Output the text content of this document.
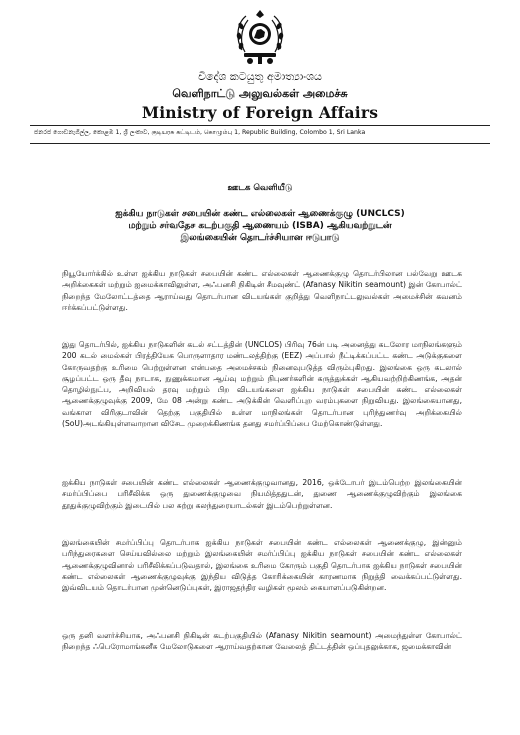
විදේශ කටයුතු අමාත්‍යාංශය
வெளிநாட்டு அலுவல்கள் அமைச்சு
Ministry of Foreign Affairs
ජනරජ ගොඩනැගිල්ල, කොළඹ 1, ශ්‍රී ලංකාව, குடியரசு கட்டிடம், கொழும்பு 1, Republic Building, Colombo 1, Sri Lanka
ஊடக வெளியீடு
ஐக்கிய நாடுகள் சபையின் கண்ட எல்லைகள் ஆணைக்குழு (UNCLCS)
மற்றும் சர்வதேச கடற்பகுதி ஆணையம் (ISBA) ஆகியவற்றுடன்
இலங்கையின் தொடர்ச்சியான ஈடுபாடு
நியூயோர்க்கில் உள்ள ஐக்கிய நாடுகள் சபையின் கண்ட எல்லைகள் ஆணைக்குழு தொடர்பிலான பல்வேறு ஊடக அறிக்கைகள் மற்றும் ஐமைக்காவிலுள்ள, அஃபனசி நிகிடின் சீமவுண்ட் (Afanasy Nikitin seamount) இன் கோபால்ட் நிறைந்த மேலோட்டத்தை ஆராய்வது தொடர்பான விடயங்கள் குறித்து வெளிநாட்டலுவல்கள் அமைச்சின் கவனம் ஈர்க்கப்பட்டுள்ளது.
இது தொடர்பில், ஐக்கிய நாடுகளின் கடல் சட்டத்தின் (UNCLOS) பிரிவு 76ன் படி அனைத்து கடலோர மாநிலங்களும் 200 கடல் மைல்கள் பிரத்தியேக பொருளாதார மண்டலத்திற்கு (EEZ) அப்பால் நீட்டிக்கப்பட்ட கண்ட அடுக்குகளை கோருவதற்கு உரிமை பெற்றுள்ளன என்பதை அமைச்சகம் நினைவுபடுத்த விரும்புகிறது. இலங்கை ஒரு கடலால் சூழப்பட்ட ஒரு தீவு நாடாக, நுணுக்கமான ஆய்வு மற்றும் நிபுணர்களின் கருத்துக்கள் ஆகியவற்றிற்கிணங்க, அதன் தொழில்நுட்ப, அறிவியல் தரவு மற்றும் பிற விடயங்களை ஐக்கிய நாடுகள் சபையின் கண்ட எல்லைகள் ஆணைக்குழுவுக்கு 2009, மே 08 அன்று கண்ட அடுக்கின் வெளிப்புற வரம்புகளை நிறுவியது. இலங்கையானது, வங்காள விரிகுடாவின் தெற்கு பகுதியில் உள்ள மாநிலங்கள் தொடர்பான புரிந்துணர்வு அறிக்கையில் (SoU)அடங்கியுள்ளவாறான விசேட முறைக்கிணங்க தனது சமர்ப்பிப்பை மேற்கொண்டுள்ளது.
ஐக்கிய நாடுகள் சபையின் கண்ட எல்லைகள் ஆணைக்குழுவானது, 2016, ஒக்டோபர் இடம்பெற்ற இலங்கையின் சமர்ப்பிப்பை பரிசீலிக்க ஒரு துணைக்குழுவை நியமித்ததுடன், துணை ஆணைக்குழுவிற்கும் இலங்கை தூதுக்குழுவிற்கும் இடையில் பல சுற்று கலந்துரையாடல்கள் இடம்பெற்றுள்ளன.
இலங்கையின் சமர்ப்பிப்பு தொடர்பாக ஐக்கிய நாடுகள் சபையின் கண்ட எல்லைகள் ஆணைக்குழு, இன்னும் பரிந்துரைகளை செய்யவில்லை மற்றும் இலங்கையின் சமர்ப்பிப்பு ஐக்கிய நாடுகள் சபையின் கண்ட எல்லைகள் ஆணைக்குழுவினால் பரிசீலிக்கப்படுவதால், இலங்கை உரிமை கோரும் பகுதி தொடர்பாக ஐக்கிய நாடுகள் சபையின் கண்ட எல்லைகள் ஆணைக்குழுவுக்கு இந்திய விடுத்த கோரிக்கையின் காரணமாக நிறுத்தி வைக்கப்பட்டுள்ளது. இவ்விடயம் தொடர்பான முன்னெடுப்புகள், இராஜதந்திர வழிகள் மூலம் கையாளப்படுகின்றன.
ஒரு தனி வளர்ச்சியாக, அஃபனசி நிகிடின் கடற்பகுதியில் (Afanasy Nikitin seamount) அமைந்துள்ள கோபால்ட் நிறைந்த ஃபெரோமாங்கனீசு மேலோடுகளை ஆராய்வதற்கான வேலைத் திட்டத்தின் ஒப்புதலுக்காக, ஜமைக்காவின்
